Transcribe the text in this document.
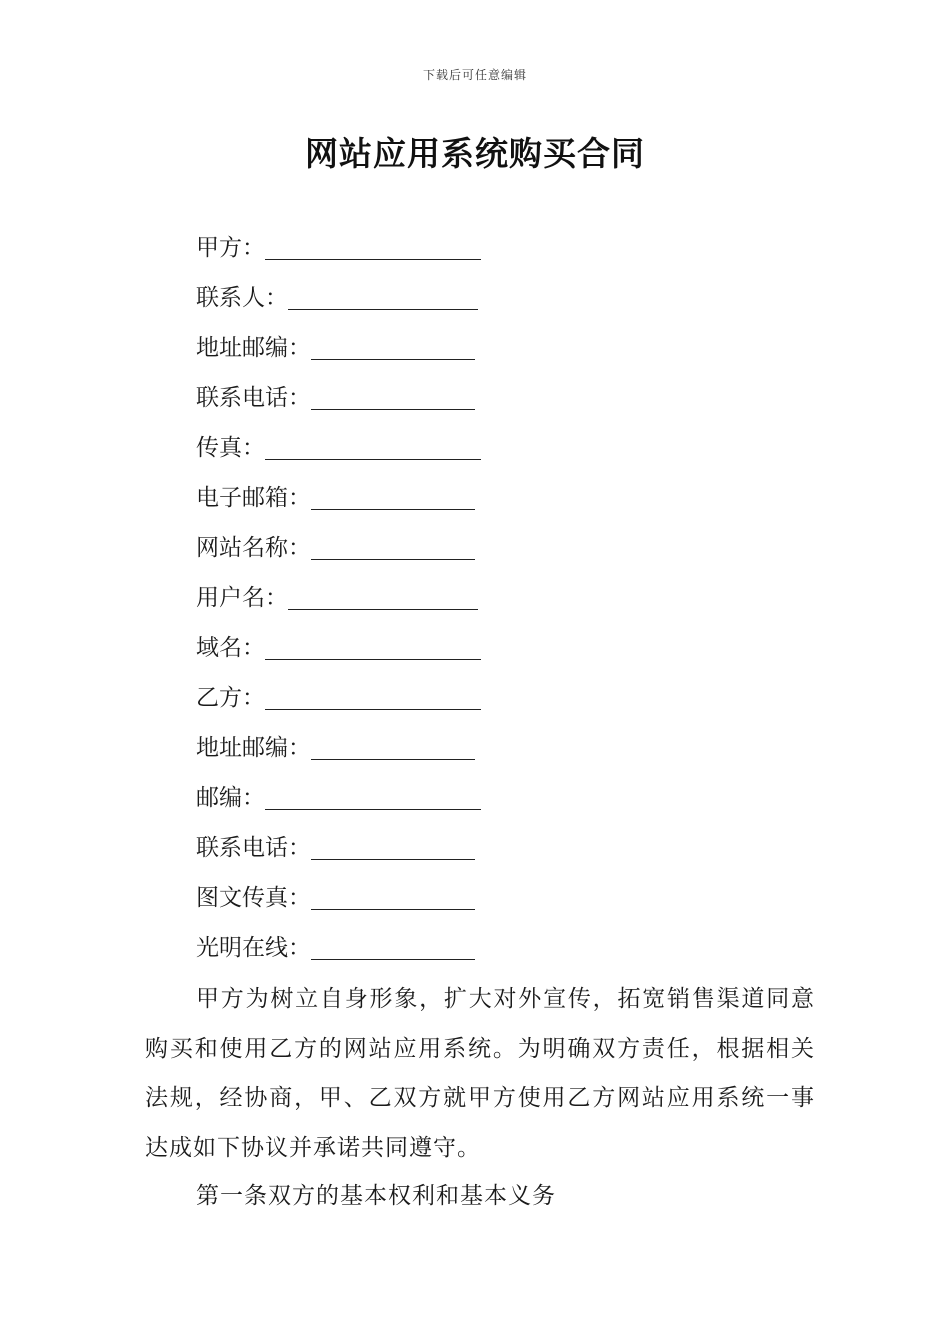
下载后可任意编辑
网站应用系统购买合同
甲方：
联系人：
地址邮编：
联系电话：
传真：
电子邮箱：
网站名称：
用户名：
域名：
乙方：
地址邮编：
邮编：
联系电话：
图文传真：
光明在线：
甲方为树立自身形象，扩大对外宣传，拓宽销售渠道同意购买和使用乙方的网站应用系统。为明确双方责任，根据相关法规，经协商，甲、乙双方就甲方使用乙方网站应用系统一事达成如下协议并承诺共同遵守。
第一条双方的基本权利和基本义务
